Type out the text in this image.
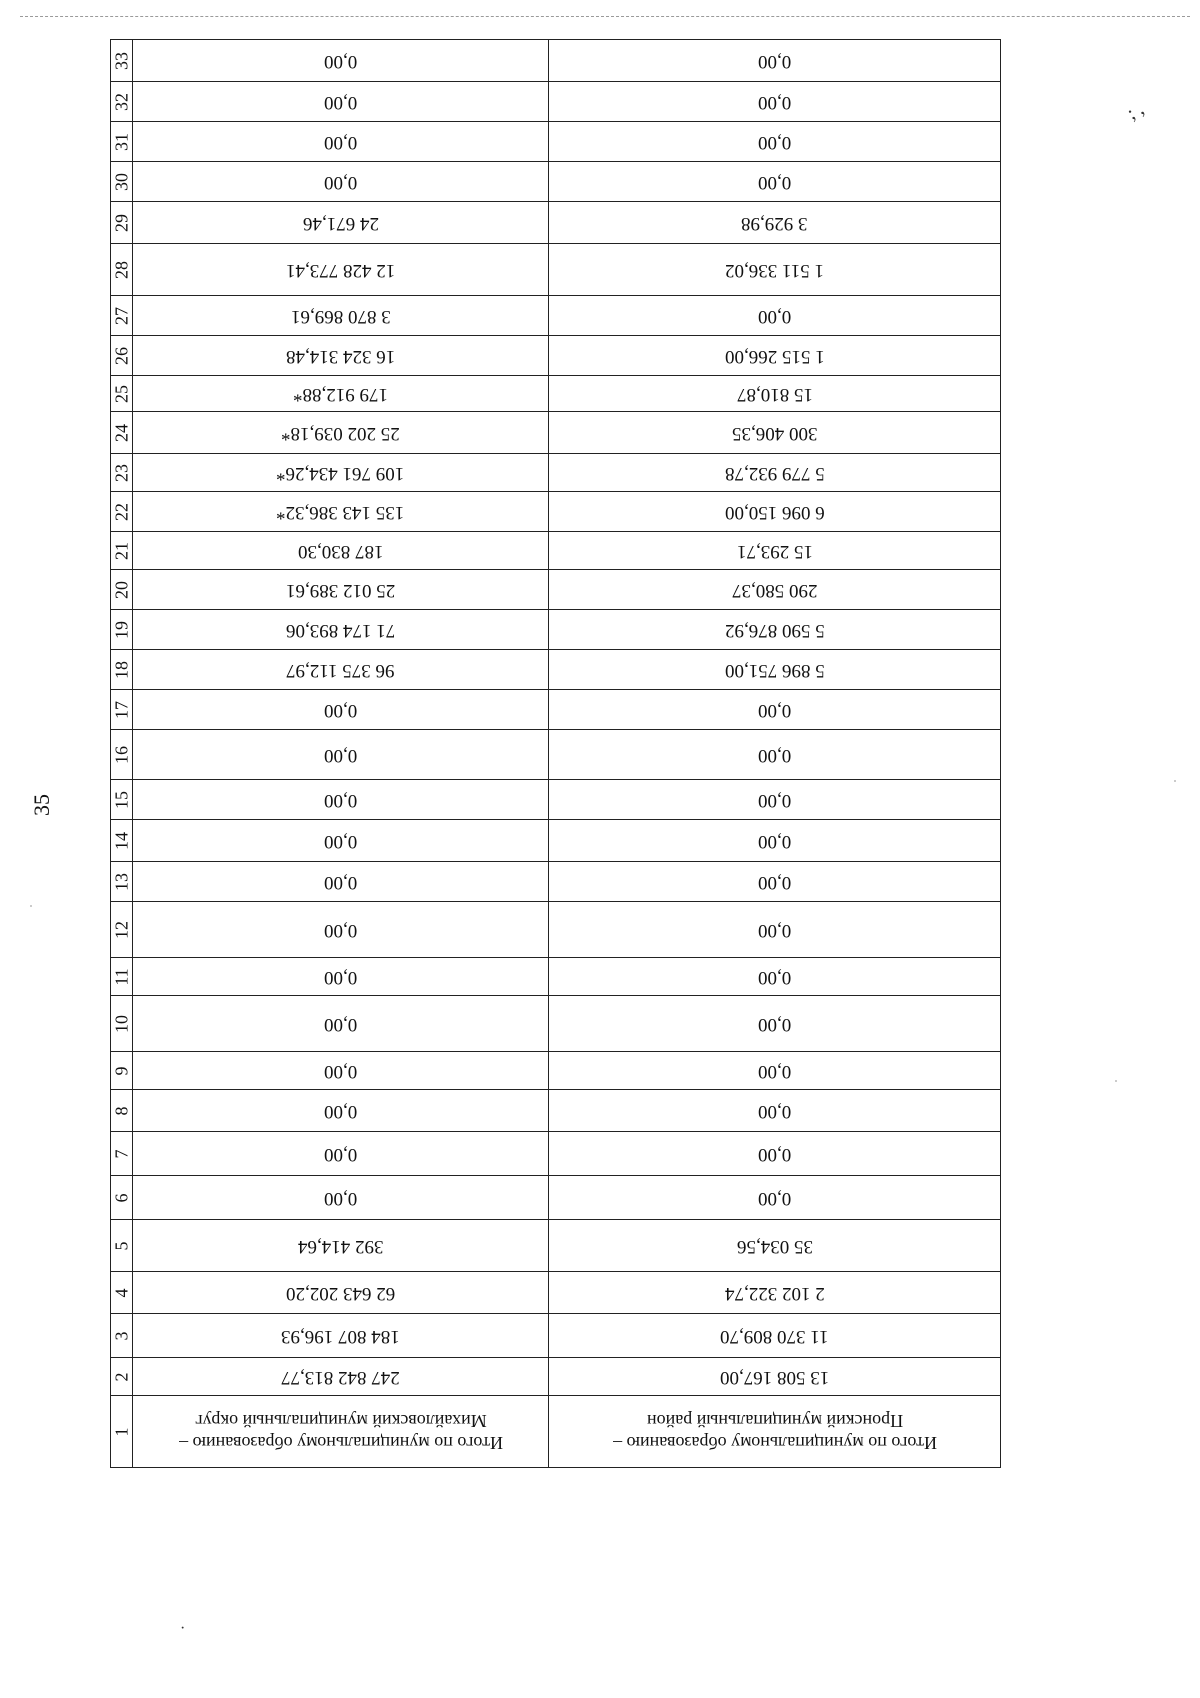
35
; ,
·
33	0,00	0,00

32	0,00	0,00

31	0,00	0,00

30	0,00	0,00

29	24 671,46	3 929,98

28	12 428 773,41	1 511 336,02

27	3 870 869,61	0,00

26	16 324 314,48	1 515 266,00

25	179 912,88*	15 810,87

24	25 202 039,18*	300 406,35

23	109 761 434,26*	5 779 932,78

22	135 143 386,32*	6 096 150,00

21	187 830,30	15 293,71

20	25 012 389,61	290 580,37

19	71 174 893,06	5 590 876,92

18	96 375 112,97	5 896 751,00

17	0,00	0,00

16	0,00	0,00

15	0,00	0,00

14	0,00	0,00

13	0,00	0,00

12	0,00	0,00

11	0,00	0,00

10	0,00	0,00

9	0,00	0,00

8	0,00	0,00

7	0,00	0,00

6	0,00	0,00

5	392 414,64	35 034,56

4	62 643 202,20	2 102 322,74

3	184 807 196,93	11 370 809,70

2	247 842 813,77	13 508 167,00

1	Итого по муниципальному образованию – Михайловский муниципальный округ	Итого по муниципальному образованию – Пронский муниципальный район
